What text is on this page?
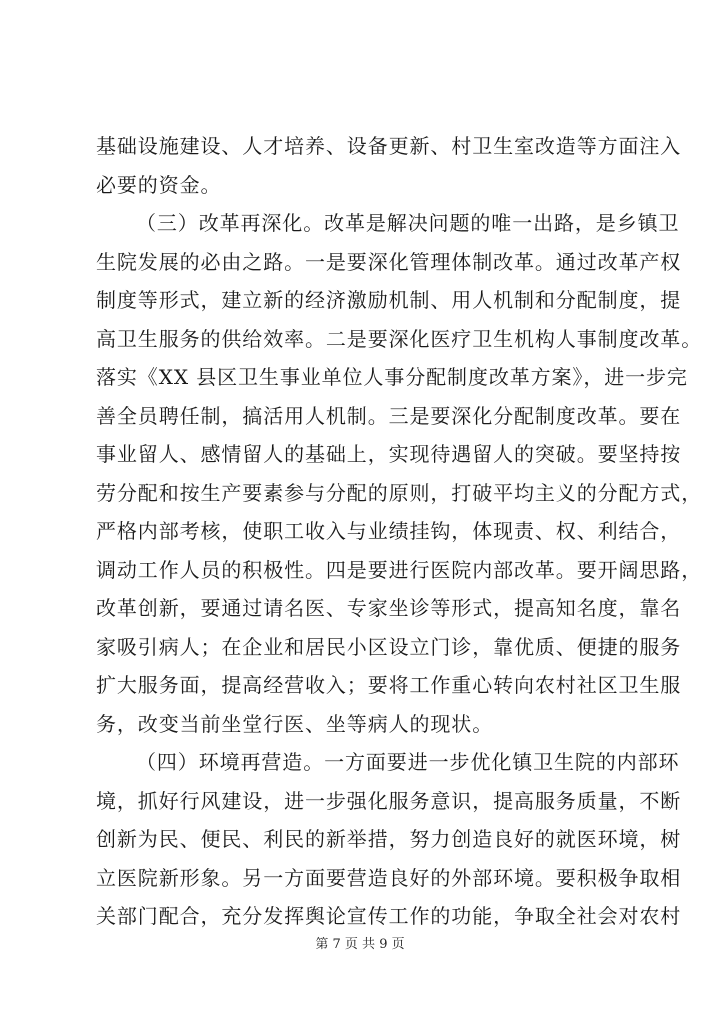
基础设施建设、人才培养、设备更新、村卫生室改造等方面注入
必要的资金。
（三）改革再深化。改革是解决问题的唯一出路，是乡镇卫
生院发展的必由之路。一是要深化管理体制改革。通过改革产权
制度等形式，建立新的经济激励机制、用人机制和分配制度，提
高卫生服务的供给效率。二是要深化医疗卫生机构人事制度改革。
落实《XX 县区卫生事业单位人事分配制度改革方案》，进一步完
善全员聘任制，搞活用人机制。三是要深化分配制度改革。要在
事业留人、感情留人的基础上，实现待遇留人的突破。要坚持按
劳分配和按生产要素参与分配的原则，打破平均主义的分配方式，
严格内部考核，使职工收入与业绩挂钩，体现责、权、利结合，
调动工作人员的积极性。四是要进行医院内部改革。要开阔思路，
改革创新，要通过请名医、专家坐诊等形式，提高知名度，靠名
家吸引病人；在企业和居民小区设立门诊，靠优质、便捷的服务
扩大服务面，提高经营收入；要将工作重心转向农村社区卫生服
务，改变当前坐堂行医、坐等病人的现状。
（四）环境再营造。一方面要进一步优化镇卫生院的内部环
境，抓好行风建设，进一步强化服务意识，提高服务质量，不断
创新为民、便民、利民的新举措，努力创造良好的就医环境，树
立医院新形象。另一方面要营造良好的外部环境。要积极争取相
关部门配合，充分发挥舆论宣传工作的功能，争取全社会对农村
第 7 页 共 9 页
